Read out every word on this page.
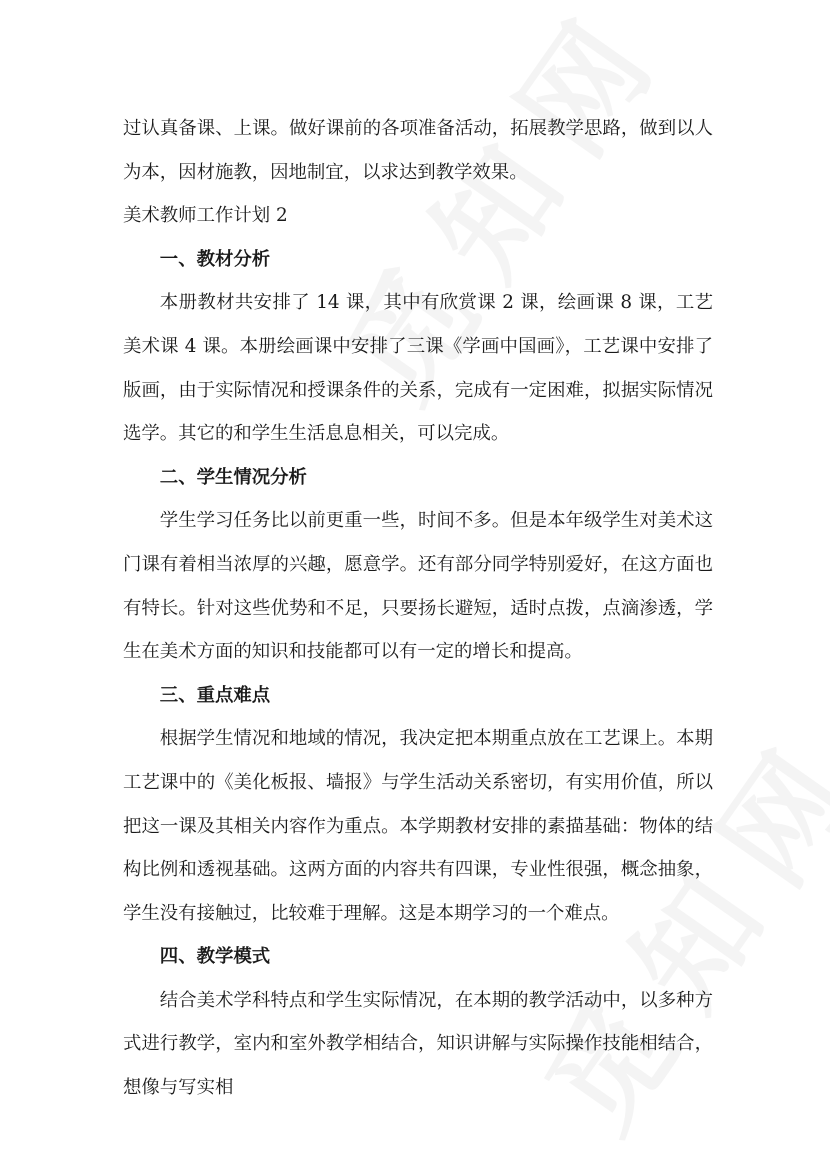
过认真备课、上课。做好课前的各项准备活动，拓展教学思路，做到以人为本，因材施教，因地制宜，以求达到教学效果。

美术教师工作计划 2

一、教材分析

本册教材共安排了 14 课，其中有欣赏课 2 课，绘画课 8 课，工艺美术课 4 课。本册绘画课中安排了三课《学画中国画》，工艺课中安排了版画，由于实际情况和授课条件的关系，完成有一定困难，拟据实际情况选学。其它的和学生生活息息相关，可以完成。

二、学生情况分析

学生学习任务比以前更重一些，时间不多。但是本年级学生对美术这门课有着相当浓厚的兴趣，愿意学。还有部分同学特别爱好，在这方面也有特长。针对这些优势和不足，只要扬长避短，适时点拨，点滴渗透，学生在美术方面的知识和技能都可以有一定的增长和提高。

三、重点难点

根据学生情况和地域的情况，我决定把本期重点放在工艺课上。本期工艺课中的《美化板报、墙报》与学生活动关系密切，有实用价值，所以把这一课及其相关内容作为重点。本学期教材安排的素描基础：物体的结构比例和透视基础。这两方面的内容共有四课，专业性很强，概念抽象，学生没有接触过，比较难于理解。这是本期学习的一个难点。

四、教学模式

结合美术学科特点和学生实际情况，在本期的教学活动中，以多种方式进行教学，室内和室外教学相结合，知识讲解与实际操作技能相结合，想像与写实相
